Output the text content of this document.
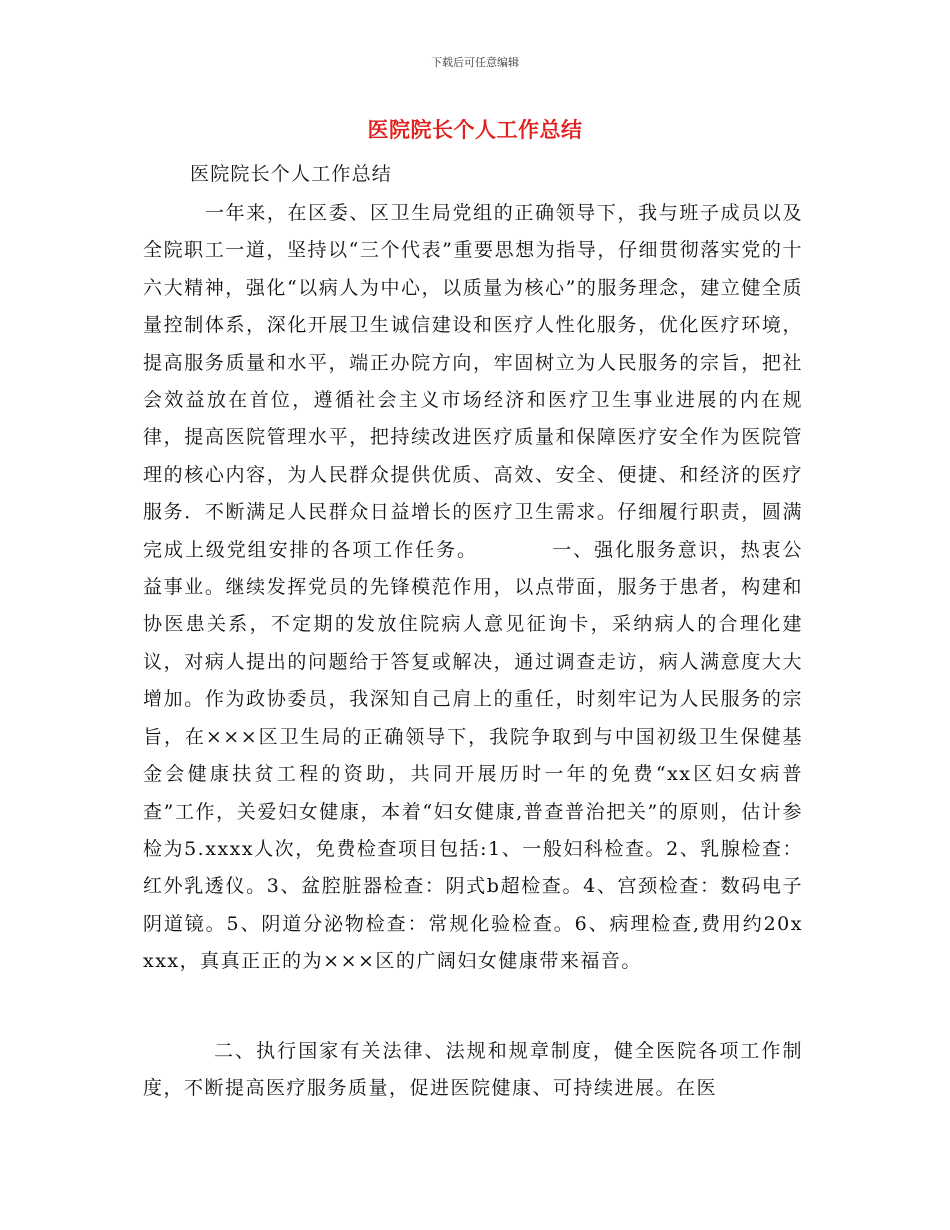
下载后可任意编辑
医院院长个人工作总结
医院院长个人工作总结

一年来，在区委、区卫生局党组的正确领导下，我与班子成员以及全院职工一道，坚持以“三个代表”重要思想为指导，仔细贯彻落实党的十六大精神，强化“以病人为中心，以质量为核心”的服务理念，建立健全质量控制体系，深化开展卫生诚信建设和医疗人性化服务，优化医疗环境，提高服务质量和水平，端正办院方向，牢固树立为人民服务的宗旨，把社会效益放在首位，遵循社会主义市场经济和医疗卫生事业进展的内在规律，提高医院管理水平，把持续改进医疗质量和保障医疗安全作为医院管理的核心内容，为人民群众提供优质、高效、安全、便捷、和经济的医疗服务．不断满足人民群众日益增长的医疗卫生需求。仔细履行职责，圆满完成上级党组安排的各项工作任务。　　　　一、强化服务意识，热衷公益事业。继续发挥党员的先锋模范作用，以点带面，服务于患者，构建和协医患关系，不定期的发放住院病人意见征询卡，采纳病人的合理化建议，对病人提出的问题给于答复或解决，通过调查走访，病人满意度大大增加。作为政协委员，我深知自己肩上的重任，时刻牢记为人民服务的宗旨，在×××区卫生局的正确领导下，我院争取到与中国初级卫生保健基金会健康扶贫工程的资助，共同开展历时一年的免费“xx区妇女病普查”工作，关爱妇女健康，本着“妇女健康,普查普治把关”的原则，估计参检为5.xxxx人次，免费检查项目包括:1、一般妇科检查。2、乳腺检查：红外乳透仪。3、盆腔脏器检查：阴式b超检查。4、宫颈检查：数码电子阴道镜。5、阴道分泌物检查：常规化验检查。6、病理检查,费用约20xxxx，真真正正的为×××区的广阔妇女健康带来福音。

二、执行国家有关法律、法规和规章制度，健全医院各项工作制度，不断提高医疗服务质量，促进医院健康、可持续进展。在医
